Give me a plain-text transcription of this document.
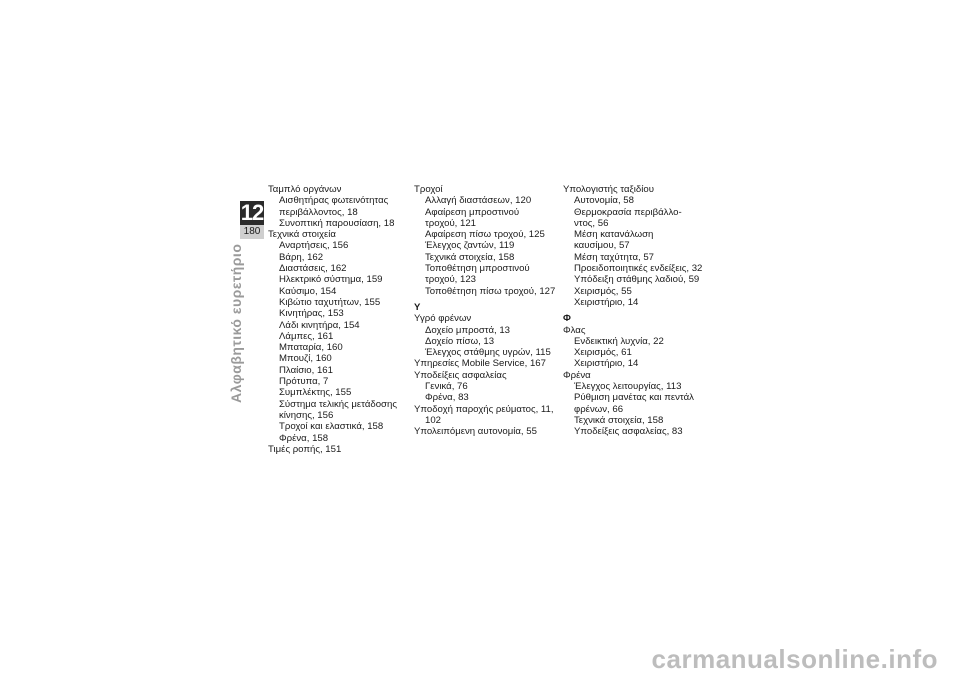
12
180
Αλφαβητικό ευρετήριο
Ταμπλό οργάνων
Αισθητήρας φωτεινότητας
περιβάλλοντος, 18
Συνοπτική παρουσίαση, 18
Τεχνικά στοιχεία
Αναρτήσεις, 156
Βάρη, 162
Διαστάσεις, 162
Ηλεκτρικό σύστημα, 159
Καύσιμο, 154
Κιβώτιο ταχυτήτων, 155
Κινητήρας, 153
Λάδι κινητήρα, 154
Λάμπες, 161
Μπαταρία, 160
Μπουζί, 160
Πλαίσιο, 161
Πρότυπα, 7
Συμπλέκτης, 155
Σύστημα τελικής μετάδοσης
κίνησης, 156
Τροχοί και ελαστικά, 158
Φρένα, 158
Τιμές ροπής, 151
Τροχοί
Αλλαγή διαστάσεων, 120
Αφαίρεση μπροστινού
τροχού, 121
Αφαίρεση πίσω τροχού, 125
Έλεγχος ζαντών, 119
Τεχνικά στοιχεία, 158
Τοποθέτηση μπροστινού
τροχού, 123
Τοποθέτηση πίσω τροχού, 127
Υ
Υγρό φρένων
Δοχείο μπροστά, 13
Δοχείο πίσω, 13
Έλεγχος στάθμης υγρών, 115
Υπηρεσίες Mobile Service, 167
Υποδείξεις ασφαλείας
Γενικά, 76
Φρένα, 83
Υποδοχή παροχής ρεύματος, 11,
102
Υπολειπόμενη αυτονομία, 55
Υπολογιστής ταξιδίου
Αυτονομία, 58
Θερμοκρασία περιβάλλο-
ντος, 56
Μέση κατανάλωση
καυσίμου, 57
Μέση ταχύτητα, 57
Προειδοποιητικές ενδείξεις, 32
Υπόδειξη στάθμης λαδιού, 59
Χειρισμός, 55
Χειριστήριο, 14
Φ
Φλας
Ενδεικτική λυχνία, 22
Χειρισμός, 61
Χειριστήριο, 14
Φρένα
Έλεγχος λειτουργίας, 113
Ρύθμιση μανέτας και πεντάλ
φρένων, 66
Τεχνικά στοιχεία, 158
Υποδείξεις ασφαλείας, 83
carmanualsonline.info
